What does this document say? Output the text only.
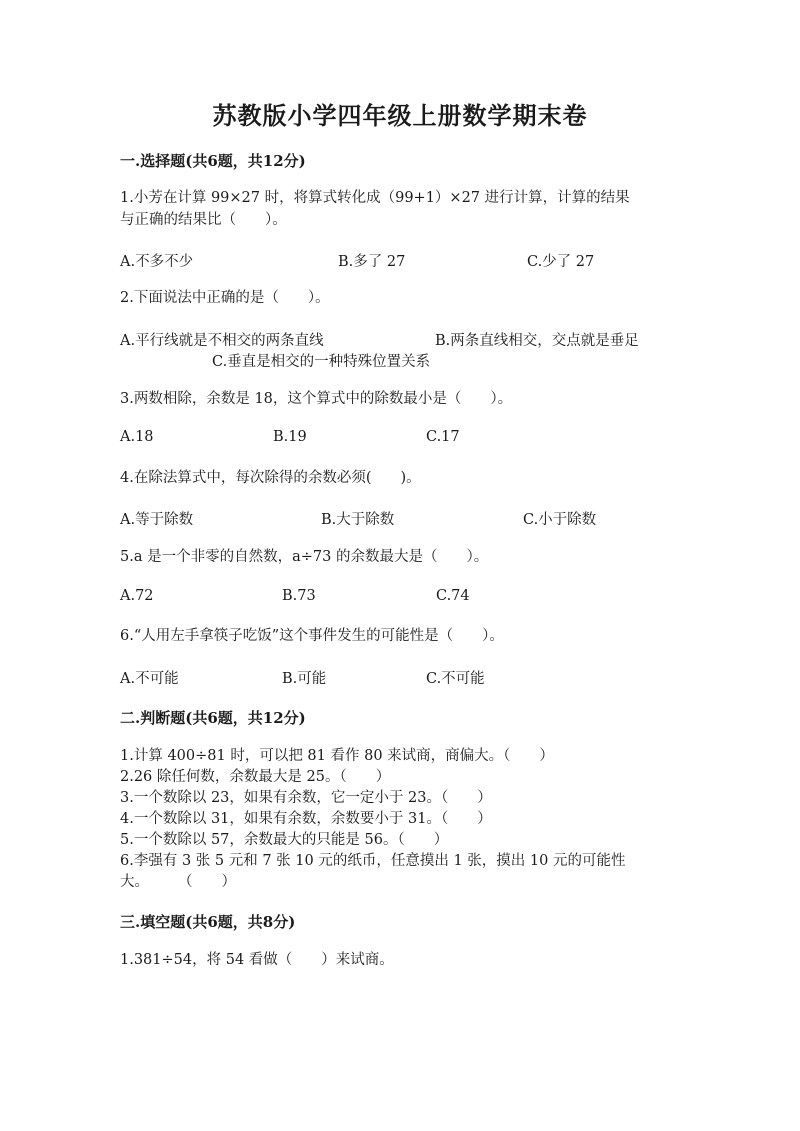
苏教版小学四年级上册数学期末卷
一.选择题(共6题，共12分)
1.小芳在计算 99×27 时，将算式转化成（99+1）×27 进行计算，计算的结果
与正确的结果比（　　）。
A.不多不少	B.多了 27	C.少了 27
2.下面说法中正确的是（　　）。
A.平行线就是不相交的两条直线	B.两条直线相交，交点就是垂足
C.垂直是相交的一种特殊位置关系
3.两数相除，余数是 18，这个算式中的除数最小是（　　）。
A.18	B.19	C.17
4.在除法算式中，每次除得的余数必须(　　)。
A.等于除数	B.大于除数	C.小于除数
5.a 是一个非零的自然数，a÷73 的余数最大是（　　）。
A.72	B.73	C.74
6.“人用左手拿筷子吃饭”这个事件发生的可能性是（　　）。
A.不可能	B.可能	C.不可能
二.判断题(共6题，共12分)
1.计算 400÷81 时，可以把 81 看作 80 来试商，商偏大。（　　）
2.26 除任何数，余数最大是 25。（　　）
3.一个数除以 23，如果有余数，它一定小于 23。（　　）
4.一个数除以 31，如果有余数，余数要小于 31。（　　）
5.一个数除以 57，余数最大的只能是 56。（　　）
6.李强有 3 张 5 元和 7 张 10 元的纸币，任意摸出 1 张，摸出 10 元的可能性
大。　　　（　　）
三.填空题(共6题，共8分)
1.381÷54，将 54 看做（　　）来试商。
